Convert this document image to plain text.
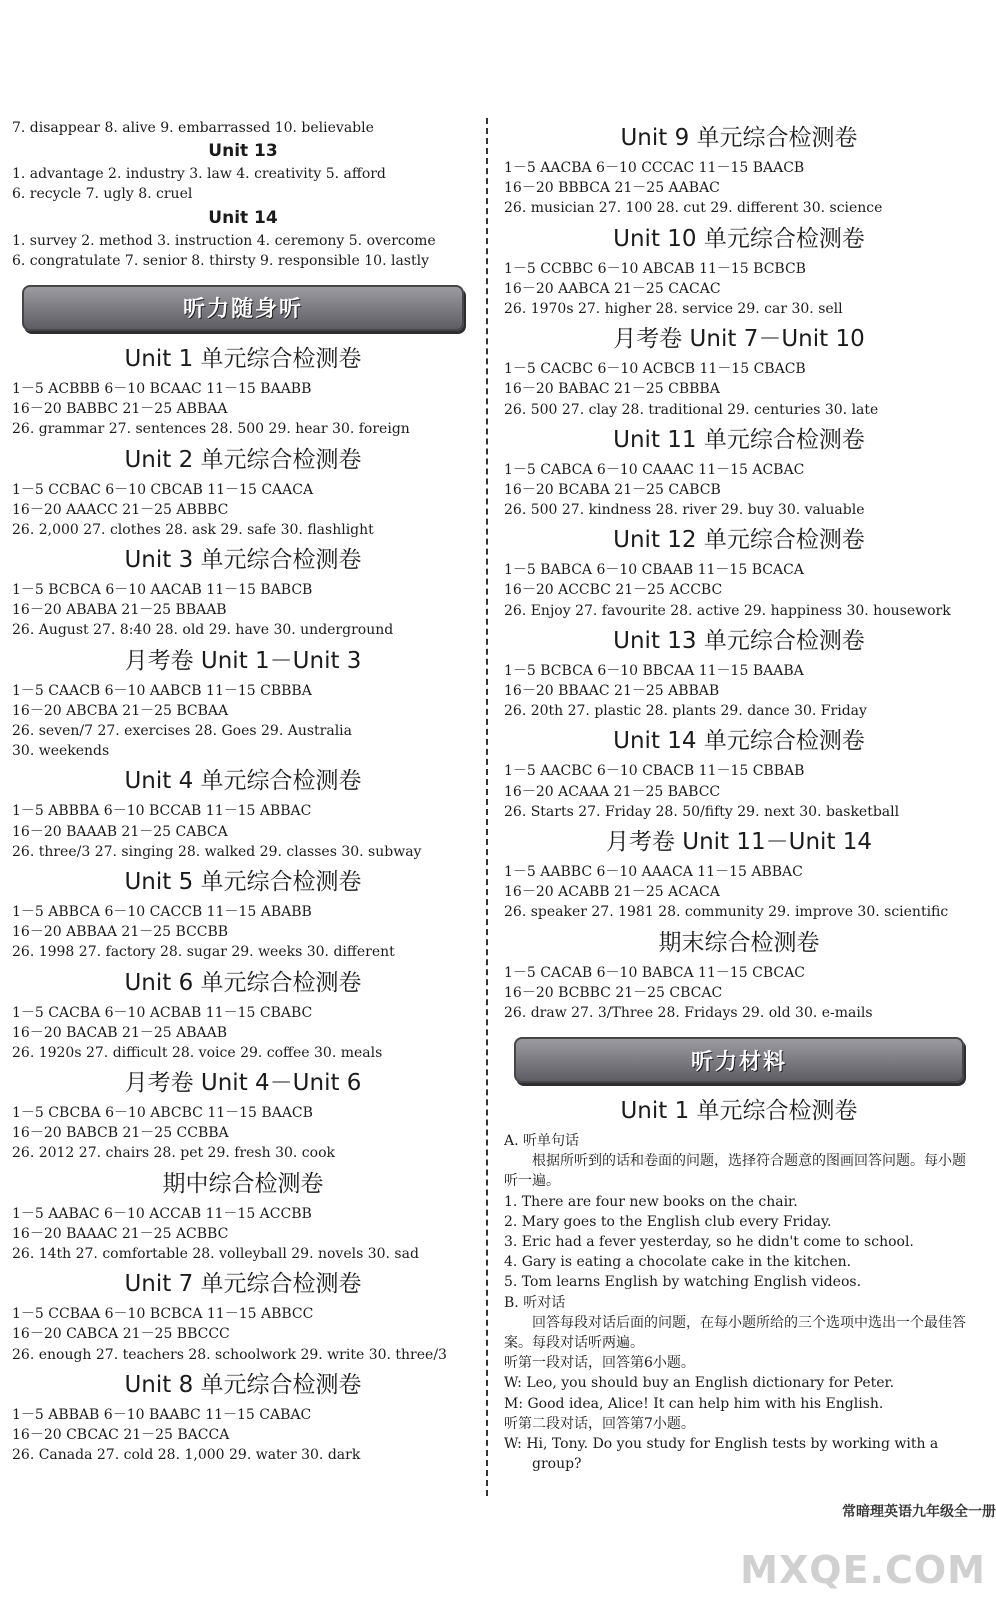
7. disappear 8. alive 9. embarrassed 10. believable
Unit 13
1. advantage 2. industry 3. law 4. creativity 5. afford
6. recycle 7. ugly 8. cruel
Unit 14
1. survey 2. method 3. instruction 4. ceremony 5. overcome
6. congratulate 7. senior 8. thirsty 9. responsible 10. lastly
听力随身听
Unit 1 单元综合检测卷
1－5 ACBBB 6－10 BCAAC 11－15 BAABB
16－20 BABBC 21－25 ABBAA
26. grammar 27. sentences 28. 500 29. hear 30. foreign
Unit 2 单元综合检测卷
1－5 CCBAC 6－10 CBCAB 11－15 CAACA
16－20 AAACC 21－25 ABBBC
26. 2,000 27. clothes 28. ask 29. safe 30. flashlight
Unit 3 单元综合检测卷
1－5 BCBCA 6－10 AACAB 11－15 BABCB
16－20 ABABA 21－25 BBAAB
26. August 27. 8:40 28. old 29. have 30. underground
月考卷 Unit 1－Unit 3
1－5 CAACB 6－10 AABCB 11－15 CBBBA
16－20 ABCBA 21－25 BCBAA
26. seven/7 27. exercises 28. Goes 29. Australia
30. weekends
Unit 4 单元综合检测卷
1－5 ABBBA 6－10 BCCAB 11－15 ABBAC
16－20 BAAAB 21－25 CABCA
26. three/3 27. singing 28. walked 29. classes 30. subway
Unit 5 单元综合检测卷
1－5 ABBCA 6－10 CACCB 11－15 ABABB
16－20 ABBAA 21－25 BCCBB
26. 1998 27. factory 28. sugar 29. weeks 30. different
Unit 6 单元综合检测卷
1－5 CACBA 6－10 ACBAB 11－15 CBABC
16－20 BACAB 21－25 ABAAB
26. 1920s 27. difficult 28. voice 29. coffee 30. meals
月考卷 Unit 4－Unit 6
1－5 CBCBA 6－10 ABCBC 11－15 BAACB
16－20 BABCB 21－25 CCBBA
26. 2012 27. chairs 28. pet 29. fresh 30. cook
期中综合检测卷
1－5 AABAC 6－10 ACCAB 11－15 ACCBB
16－20 BAAAC 21－25 ACBBC
26. 14th 27. comfortable 28. volleyball 29. novels 30. sad
Unit 7 单元综合检测卷
1－5 CCBAA 6－10 BCBCA 11－15 ABBCC
16－20 CABCA 21－25 BBCCC
26. enough 27. teachers 28. schoolwork 29. write 30. three/3
Unit 8 单元综合检测卷
1－5 ABBAB 6－10 BAABC 11－15 CABAC
16－20 CBCAC 21－25 BACCA
26. Canada 27. cold 28. 1,000 29. water 30. dark
Unit 9 单元综合检测卷
1－5 AACBA 6－10 CCCAC 11－15 BAACB
16－20 BBBCA 21－25 AABAC
26. musician 27. 100 28. cut 29. different 30. science
Unit 10 单元综合检测卷
1－5 CCBBC 6－10 ABCAB 11－15 BCBCB
16－20 AABCA 21－25 CACAC
26. 1970s 27. higher 28. service 29. car 30. sell
月考卷 Unit 7－Unit 10
1－5 CACBC 6－10 ACBCB 11－15 CBACB
16－20 BABAC 21－25 CBBBA
26. 500 27. clay 28. traditional 29. centuries 30. late
Unit 11 单元综合检测卷
1－5 CABCA 6－10 CAAAC 11－15 ACBAC
16－20 BCABA 21－25 CABCB
26. 500 27. kindness 28. river 29. buy 30. valuable
Unit 12 单元综合检测卷
1－5 BABCA 6－10 CBAAB 11－15 BCACA
16－20 ACCBC 21－25 ACCBC
26. Enjoy 27. favourite 28. active 29. happiness 30. housework
Unit 13 单元综合检测卷
1－5 BCBCA 6－10 BBCAA 11－15 BAABA
16－20 BBAAC 21－25 ABBAB
26. 20th 27. plastic 28. plants 29. dance 30. Friday
Unit 14 单元综合检测卷
1－5 AACBC 6－10 CBACB 11－15 CBBAB
16－20 ACAAA 21－25 BABCC
26. Starts 27. Friday 28. 50/fifty 29. next 30. basketball
月考卷 Unit 11－Unit 14
1－5 AABBC 6－10 AAACA 11－15 ABBAC
16－20 ACABB 21－25 ACACA
26. speaker 27. 1981 28. community 29. improve 30. scientific
期末综合检测卷
1－5 CACAB 6－10 BABCA 11－15 CBCAC
16－20 BCBBC 21－25 CBCAC
26. draw 27. 3/Three 28. Fridays 29. old 30. e-mails
听力材料
Unit 1 单元综合检测卷
A. 听单句话
根据所听到的话和卷面的问题，选择符合题意的图画回答问题。每小题听一遍。
1. There are four new books on the chair.
2. Mary goes to the English club every Friday.
3. Eric had a fever yesterday, so he didn't come to school.
4. Gary is eating a chocolate cake in the kitchen.
5. Tom learns English by watching English videos.
B. 听对话
回答每段对话后面的问题，在每小题所给的三个选项中选出一个最佳答案。每段对话听两遍。
听第一段对话，回答第6小题。
W: Leo, you should buy an English dictionary for Peter.
M: Good idea, Alice! It can help him with his English.
听第二段对话，回答第7小题。
W: Hi, Tony. Do you study for English tests by working with a
group?
常暗理英语九年级全一册
MXQE.COM
